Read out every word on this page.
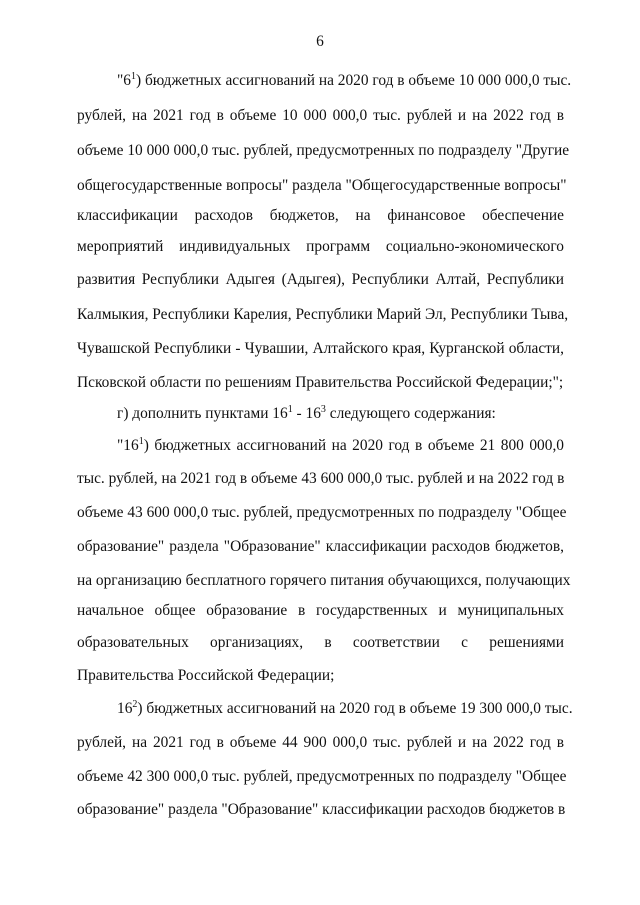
6
"$6^1$) бюджетных ассигнований на 2020 год в объеме 10 000 000,0 тыс.
рублей, на 2021 год в объеме 10 000 000,0 тыс. рублей и на 2022 год в
объеме 10 000 000,0 тыс. рублей, предусмотренных по подразделу "Другие
общегосударственные вопросы" раздела "Общегосударственные вопросы"
классификации расходов бюджетов, на финансовое обеспечение
мероприятий индивидуальных программ социально-экономического
развития Республики Адыгея (Адыгея), Республики Алтай, Республики
Калмыкия, Республики Карелия, Республики Марий Эл, Республики Тыва,
Чувашской Республики - Чувашии, Алтайского края, Курганской области,
Псковской области по решениям Правительства Российской Федерации;";
г) дополнить пунктами $16^1 - 16^3$ следующего содержания:
"$16^1$) бюджетных ассигнований на 2020 год в объеме 21 800 000,0
тыс. рублей, на 2021 год в объеме 43 600 000,0 тыс. рублей и на 2022 год в
объеме 43 600 000,0 тыс. рублей, предусмотренных по подразделу "Общее
образование" раздела "Образование" классификации расходов бюджетов,
на организацию бесплатного горячего питания обучающихся, получающих
начальное общее образование в государственных и муниципальных
образовательных организациях, в соответствии с решениями
Правительства Российской Федерации;
$16^2$) бюджетных ассигнований на 2020 год в объеме 19 300 000,0 тыс.
рублей, на 2021 год в объеме 44 900 000,0 тыс. рублей и на 2022 год в
объеме 42 300 000,0 тыс. рублей, предусмотренных по подразделу "Общее
образование" раздела "Образование" классификации расходов бюджетов в
